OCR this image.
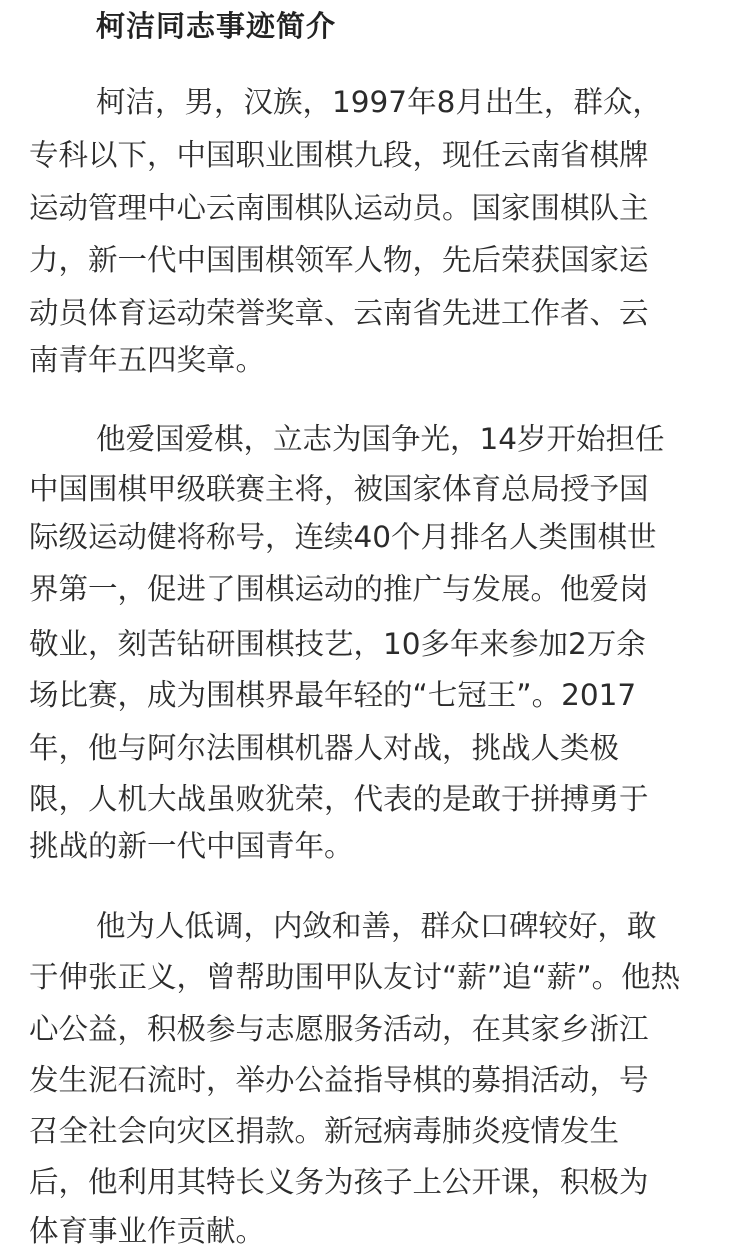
柯洁同志事迹简介

柯洁，男，汉族，1997年8月出生，群众，

专科以下，中国职业围棋九段，现任云南省棋牌

运动管理中心云南围棋队运动员。国家围棋队主

力，新一代中国围棋领军人物，先后荣获国家运

动员体育运动荣誉奖章、云南省先进工作者、云

南青年五四奖章。

他爱国爱棋，立志为国争光，14岁开始担任

中国围棋甲级联赛主将，被国家体育总局授予国

际级运动健将称号，连续40个月排名人类围棋世

界第一，促进了围棋运动的推广与发展。他爱岗

敬业，刻苦钻研围棋技艺，10多年来参加2万余

场比赛，成为围棋界最年轻的“七冠王”。2017

年，他与阿尔法围棋机器人对战，挑战人类极

限，人机大战虽败犹荣，代表的是敢于拼搏勇于

挑战的新一代中国青年。

他为人低调，内敛和善，群众口碑较好，敢

于伸张正义，曾帮助围甲队友讨“薪”追“薪”。他热

心公益，积极参与志愿服务活动，在其家乡浙江

发生泥石流时，举办公益指导棋的募捐活动，号

召全社会向灾区捐款。新冠病毒肺炎疫情发生

后，他利用其特长义务为孩子上公开课，积极为

体育事业作贡献。
